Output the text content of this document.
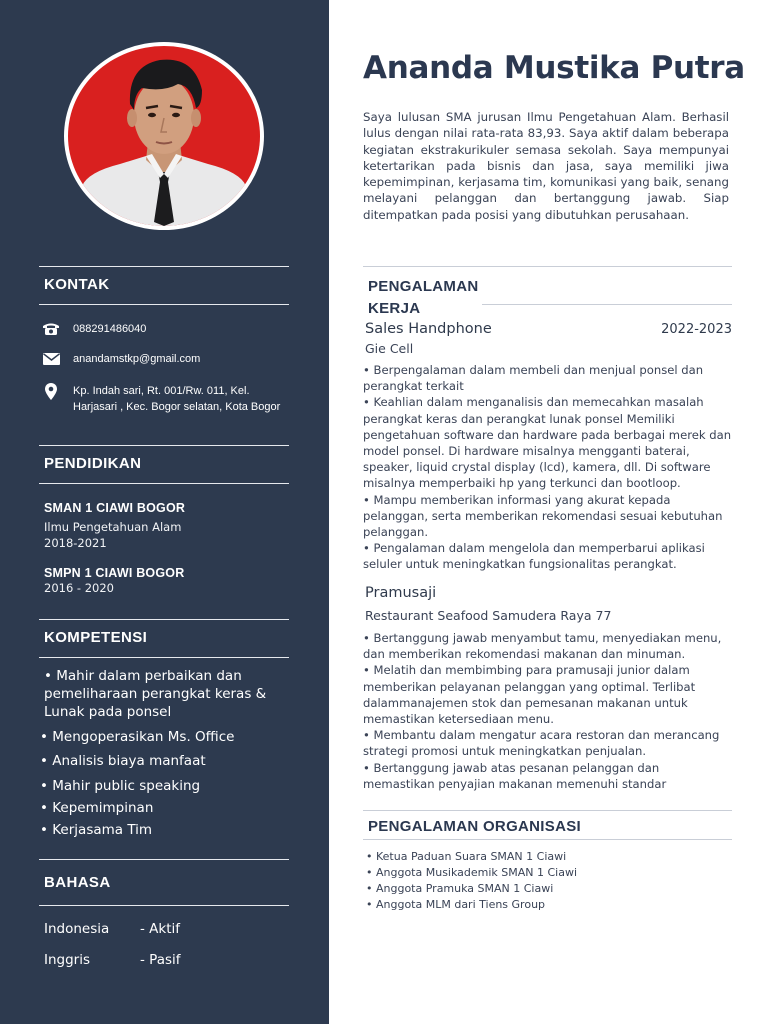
KONTAK
088291486040
anandamstkp@gmail.com
Kp. Indah sari, Rt. 001/Rw. 011, Kel.
Harjasari , Kec. Bogor selatan, Kota Bogor
PENDIDIKAN
SMAN 1 CIAWI BOGOR
Ilmu Pengetahuan Alam
2018-2021
SMPN 1 CIAWI BOGOR
2016 - 2020
KOMPETENSI
• Mahir dalam perbaikan dan pemeliharaan perangkat keras & Lunak pada ponsel
• Mengoperasikan Ms. Office
• Analisis biaya manfaat
• Mahir public speaking
• Kepemimpinan
• Kerjasama Tim
BAHASA
Indonesia - Aktif
Inggris	- Pasif
Ananda Mustika Putra
Saya lulusan SMA jurusan Ilmu Pengetahuan Alam. Berhasil lulus dengan nilai rata-rata 83,93. Saya aktif dalam beberapa kegiatan ekstrakurikuler semasa sekolah. Saya mempunyai ketertarikan pada bisnis dan jasa, saya memiliki jiwa kepemimpinan, kerjasama tim, komunikasi yang baik, senang melayani pelanggan dan bertanggung jawab. Siap ditempatkan pada posisi yang dibutuhkan perusahaan.
PENGALAMAN KERJA
Sales Handphone	2022-2023
Gie Cell
• Berpengalaman dalam membeli dan menjual ponsel dan perangkat terkait
• Keahlian dalam menganalisis dan memecahkan masalah perangkat keras dan perangkat lunak ponsel Memiliki pengetahuan software dan hardware pada berbagai merek dan model ponsel. Di hardware misalnya mengganti baterai, speaker, liquid crystal display (lcd), kamera, dll. Di software misalnya memperbaiki hp yang terkunci dan bootloop.
• Mampu memberikan informasi yang akurat kepada pelanggan, serta memberikan rekomendasi sesuai kebutuhan pelanggan.
• Pengalaman dalam mengelola dan memperbarui aplikasi seluler untuk meningkatkan fungsionalitas perangkat.
Pramusaji
Restaurant Seafood Samudera Raya 77
• Bertanggung jawab menyambut tamu, menyediakan menu, dan memberikan rekomendasi makanan dan minuman.
• Melatih dan membimbing para pramusaji junior dalam memberikan pelayanan pelanggan yang optimal. Terlibat dalammanajemen stok dan pemesanan makanan untuk memastikan ketersediaan menu.
• Membantu dalam mengatur acara restoran dan merancang strategi promosi untuk meningkatkan penjualan.
• Bertanggung jawab atas pesanan pelanggan dan memastikan penyajian makanan memenuhi standar
PENGALAMAN ORGANISASI
• Ketua Paduan Suara SMAN 1 Ciawi
• Anggota Musikademik SMAN 1 Ciawi
• Anggota Pramuka SMAN 1 Ciawi
• Anggota MLM dari Tiens Group
